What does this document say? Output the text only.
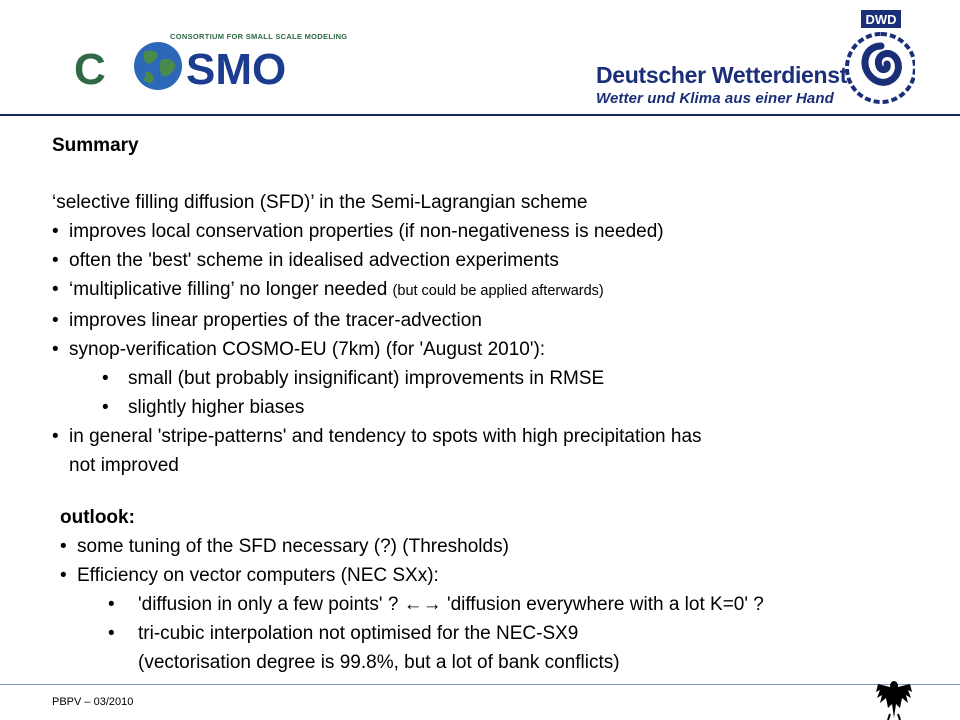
CONSORTIUM FOR SMALL SCALE MODELING
C SMO	Deutscher Wetterdienst
Wetter und Klima aus einer Hand
DWD
Summary
‘selective filling diffusion (SFD)’ in the Semi-Lagrangian scheme
• improves local conservation properties (if non-negativeness is needed)
• often the 'best' scheme in idealised advection experiments
• ‘multiplicative filling’ no longer needed (but could be applied afterwards)
• improves linear properties of the tracer-advection
• synop-verification COSMO-EU (7km) (for 'August 2010'):
• small (but probably insignificant) improvements in RMSE
• slightly higher biases
• in general 'stripe-patterns' and tendency to spots with high precipitation has
not improved
outlook:
• some tuning of the SFD necessary (?) (Thresholds)
• Efficiency on vector computers (NEC SXx):
• 'diffusion in only a few points' ? ←→ 'diffusion everywhere with a lot K=0' ?
• tri-cubic interpolation not optimised for the NEC-SX9
(vectorisation degree is 99.8%, but a lot of bank conflicts)
PBPV – 03/2010
